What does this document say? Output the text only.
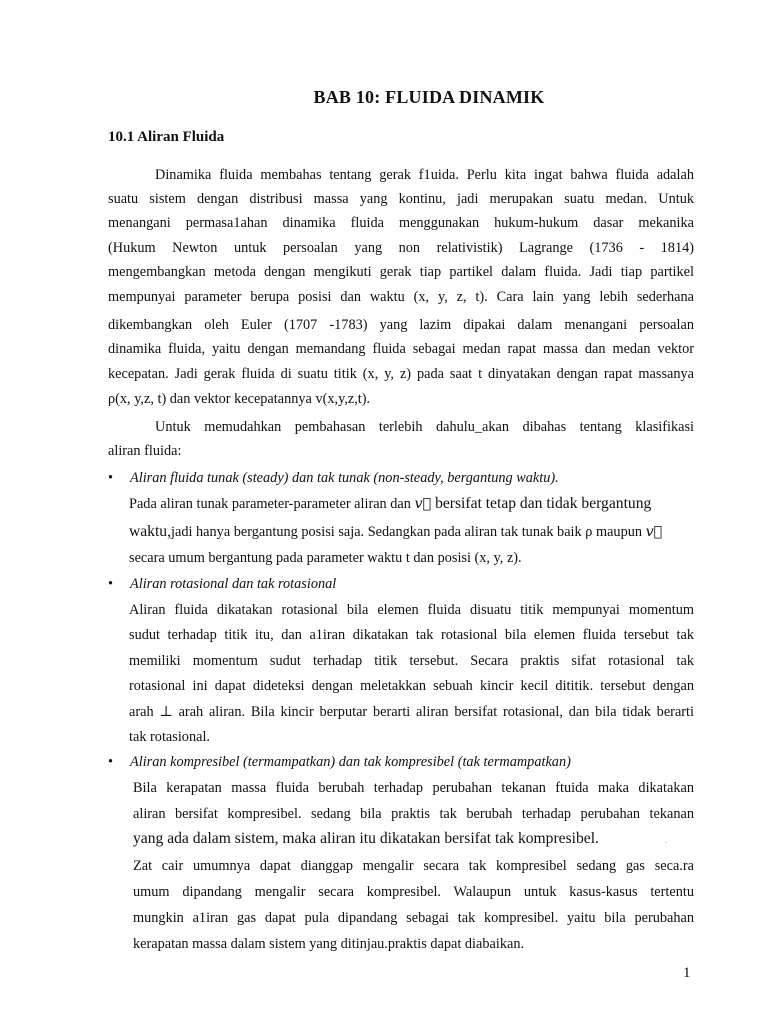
BAB 10: FLUIDA DINAMIK
10.1 Aliran Fluida
Dinamika fluida membahas tentang gerak f1uida. Perlu kita ingat bahwa fluida adalah
suatu sistem dengan distribusi massa yang kontinu, jadi merupakan suatu medan. Untuk
menangani permasa1ahan dinamika fluida menggunakan hukum-hukum dasar mekanika
(Hukum Newton untuk persoalan yang non relativistik) Lagrange (1736 - 1814)
mengembangkan metoda dengan mengikuti gerak tiap partikel dalam fluida. Jadi tiap partikel
mempunyai parameter berupa posisi dan waktu (x, y, z, t). Cara lain yang lebih sederhana
dikembangkan oleh Euler (1707 -1783) yang lazim dipakai dalam menangani persoalan
dinamika fluida, yaitu dengan memandang fluida sebagai medan rapat massa dan medan vektor
kecepatan. Jadi gerak fluida di suatu titik (x, y, z) pada saat t dinyatakan dengan rapat massanya
ρ(x, y,z, t) dan vektor kecepatannya v(x,y,z,t).
Untuk memudahkan pembahasan terlebih dahulu_akan dibahas tentang klasifikasi
aliran fluida:
• Aliran fluida tunak (steady) dan tak tunak (non-steady, bergantung waktu).
Pada aliran tunak parameter-parameter aliran dan v⃗ bersifat tetap dan tidak bergantung
waktu,jadi hanya bergantung posisi saja. Sedangkan pada aliran tak tunak baik ρ maupun v⃗
secara umum bergantung pada parameter waktu t dan posisi (x, y, z).
• Aliran rotasional dan tak rotasional
Aliran fluida dikatakan rotasional bila elemen fluida disuatu titik mempunyai momentum
sudut terhadap titik itu, dan a1iran dikatakan tak rotasional bila elemen fluida tersebut tak
memiliki momentum sudut terhadap titik tersebut. Secara praktis sifat rotasional tak
rotasional ini dapat dideteksi dengan meletakkan sebuah kincir kecil dititik. tersebut dengan
arah ⊥ arah aliran. Bila kincir berputar berarti aliran bersifat rotasional, dan bila tidak berarti
tak rotasional.
• Aliran kompresibel (termampatkan) dan tak kompresibel (tak termampatkan)
Bila kerapatan massa fluida berubah terhadap perubahan tekanan ftuida maka dikatakan
aliran bersifat kompresibel. sedang bila praktis tak berubah terhadap perubahan tekanan
yang ada dalam sistem, maka aliran itu dikatakan bersifat tak kompresibel.	.
Zat cair umumnya dapat dianggap mengalir secara tak kompresibel sedang gas seca.ra
umum dipandang mengalir secara kompresibel. Walaupun untuk kasus-kasus tertentu
mungkin a1iran gas dapat pula dipandang sebagai tak kompresibel. yaitu bila perubahan
kerapatan massa dalam sistem yang ditinjau.praktis dapat diabaikan.
1
